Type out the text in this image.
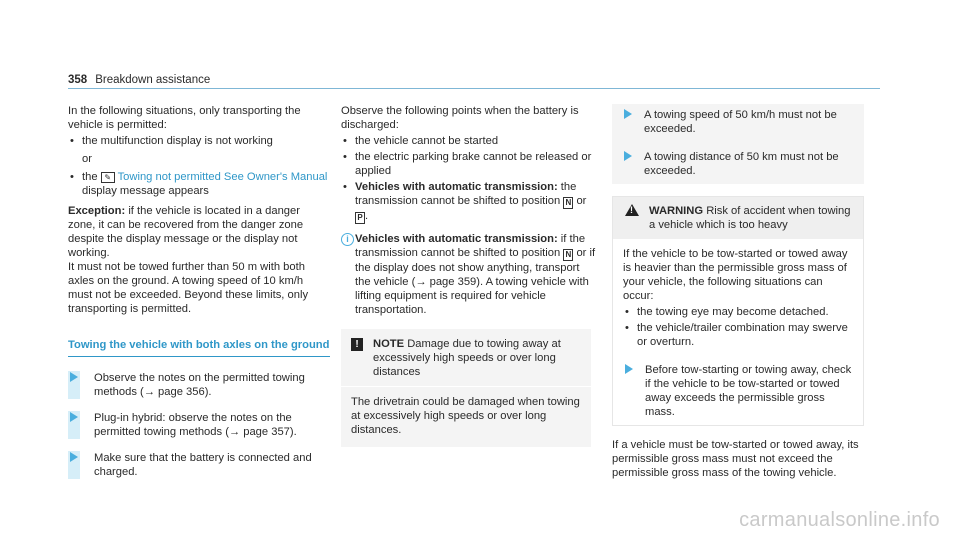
358 Breakdown assistance

In the following situations, only transporting the vehicle is permitted:

• the multifunction display is not working

or

• the ✎ Towing not permitted See Owner's Manual display message appears

Exception: if the vehicle is located in a danger zone, it can be recovered from the danger zone despite the display message or the display not working.

It must not be towed further than 50 m with both axles on the ground. A towing speed of 10 km/h must not be exceeded. Beyond these limits, only transporting is permitted.

Towing the vehicle with both axles on the ground
Observe the notes on the permitted towing methods (→ page 356).
Plug-in hybrid: observe the notes on the permitted towing methods (→ page 357).
Make sure that the battery is connected and charged.

Observe the following points when the battery is discharged:

• the vehicle cannot be started
• the electric parking brake cannot be released or applied
• Vehicles with automatic transmission: the transmission cannot be shifted to position N or P .
i Vehicles with automatic transmission: if the transmission cannot be shifted to position N or if the display does not show anything, transport the vehicle (→ page 359). A towing vehicle with lifting equipment is required for vehicle transportation.
!	NOTE Damage due to towing away at excessively high speeds or over long distances
The drivetrain could be damaged when towing at excessively high speeds or over long distances.
A towing speed of 50 km/h must not be exceeded.
A towing distance of 50 km must not be exceeded.
!
WARNING Risk of accident when towing a vehicle which is too heavy

If the vehicle to be tow-started or towed away is heavier than the permissible gross mass of your vehicle, the following situations can occur:

• the towing eye may become detached.
• the vehicle/trailer combination may swerve or overturn.
Before tow-starting or towing away, check if the vehicle to be tow-started or towed away exceeds the permissible gross mass.

If a vehicle must be tow-started or towed away, its permissible gross mass must not exceed the permissible gross mass of the towing vehicle.

carmanualsonline.info
